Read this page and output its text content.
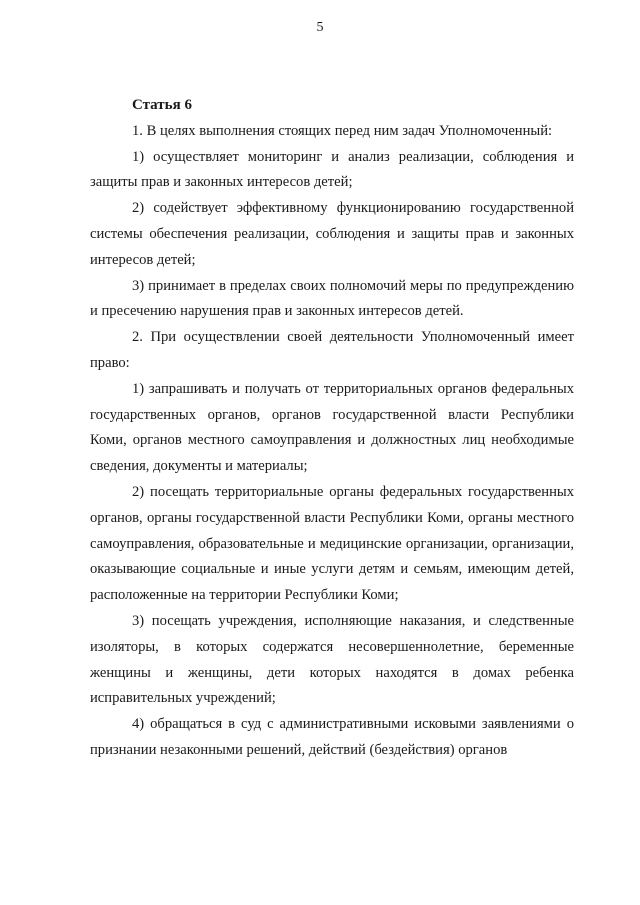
5

Статья 6

1. В целях выполнения стоящих перед ним задач Уполномоченный:

1) осуществляет мониторинг и анализ реализации, соблюдения и защиты прав и законных интересов детей;

2) содействует эффективному функционированию государственной системы обеспечения реализации, соблюдения и защиты прав и законных интересов детей;

3) принимает в пределах своих полномочий меры по предупреждению и пресечению нарушения прав и законных интересов детей.

2. При осуществлении своей деятельности Уполномоченный имеет право:

1) запрашивать и получать от территориальных органов федеральных государственных органов, органов государственной власти Республики Коми, органов местного самоуправления и должностных лиц необходимые сведения, документы и материалы;

2) посещать территориальные органы федеральных государственных органов, органы государственной власти Республики Коми, органы местного самоуправления, образовательные и медицинские организации, организации, оказывающие социальные и иные услуги детям и семьям, имеющим детей, расположенные на территории Республики Коми;

3) посещать учреждения, исполняющие наказания, и следственные изоляторы, в которых содержатся несовершеннолетние, беременные женщины и женщины, дети которых находятся в домах ребенка исправительных учреждений;

4) обращаться в суд с административными исковыми заявлениями о признании незаконными решений, действий (бездействия) органов
